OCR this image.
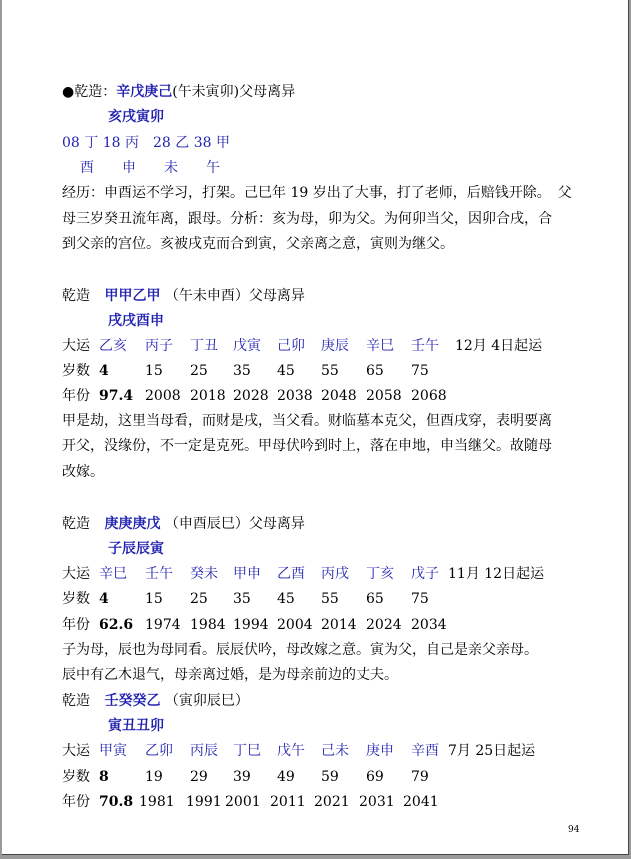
●乾造：辛戊庚己(午未寅卯)父母离异
亥戌寅卯
08 丁 18 丙　28 乙 38 甲
酉　　申　　未　　午
经历：申酉运不学习，打架。己巳年 19 岁出了大事，打了老师，后赔钱开除。　父
母三岁癸丑流年离，跟母。分析：亥为母，卯为父。为何卯当父，因卯合戌，合
到父亲的宫位。亥被戌克而合到寅，父亲离之意，寅则为继父。
乾造 甲甲乙甲 （午未申酉）父母离异
戌戌酉申
大运 乙亥 丙子 丁丑 戊寅 己卯 庚辰 辛巳 壬午 12月 4日起运
岁数 4	15 25 35 45 55 65 75
年份 97.4 2008 2018 2028 2038 2048 2058 2068
甲是劫，这里当母看，而财是戌，当父看。财临墓本克父，但酉戌穿，表明要离
开父，没缘份，不一定是克死。甲母伏吟到时上，落在申地，申当继父。故随母
改嫁。
乾造 庚庚庚戊 （申酉辰巳）父母离异
子辰辰寅
大运 辛巳 壬午 癸未 甲申 乙酉 丙戌 丁亥 戊子 11月 12日起运
岁数 4	15 25 35 45 55 65 75
年份 62.6 1974 1984 1994 2004 2014 2024 2034
子为母，辰也为母同看。辰辰伏吟，母改嫁之意。寅为父，自己是亲父亲母。
辰中有乙木退气，母亲离过婚，是为母亲前边的丈夫。
乾造 壬癸癸乙 （寅卯辰巳）
寅丑丑卯
大运 甲寅 乙卯 丙辰 丁巳 戊午 己未 庚申 辛酉 7月 25日起运
岁数 8	19 29 39 49 59 69 79
年份 70.8 1981 1991 2001 2011 2021 2031 2041
94
